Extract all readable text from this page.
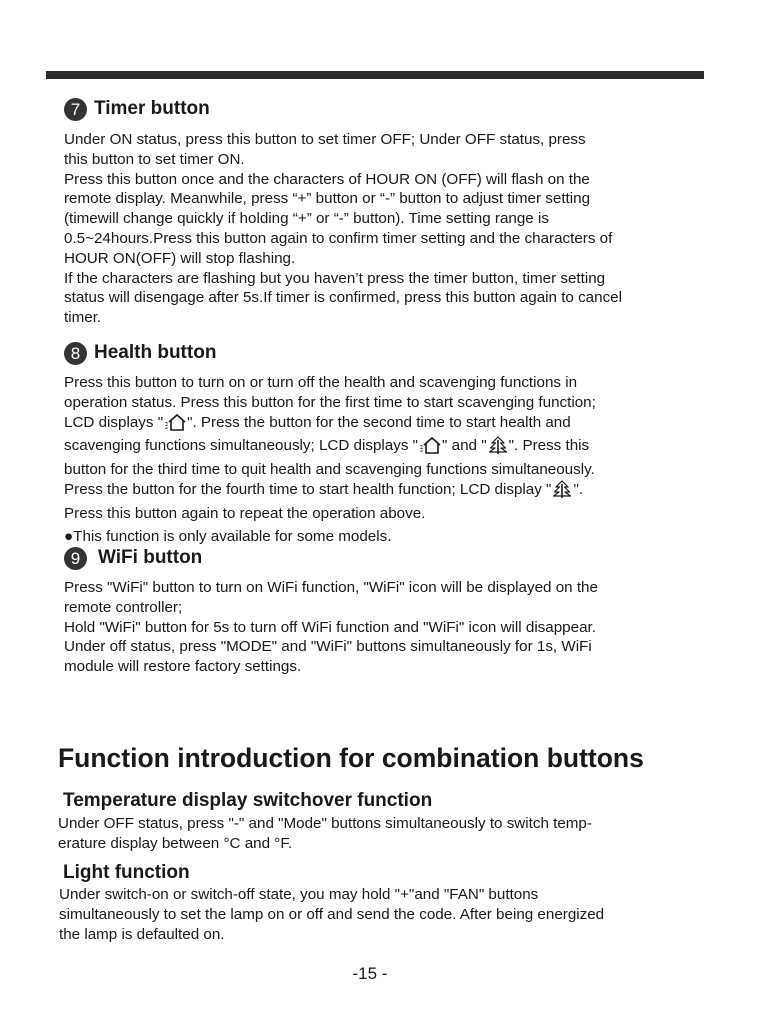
7 Timer button

Under ON status, press this button to set timer OFF; Under OFF status, press

this button to set timer ON.

Press this button once and the characters of HOUR ON (OFF) will flash on the

remote display. Meanwhile, press “+” button or “-” button to adjust timer setting

(timewill change quickly if holding “+” or “-” button). Time setting range is

0.5~24hours.Press this button again to confirm timer setting and the characters of

HOUR ON(OFF) will stop flashing.

If the characters are flashing but you haven’t press the timer button, timer setting

status will disengage after 5s.If timer is confirmed, press this button again to cancel

timer.

8 Health button

Press this button to turn on or turn off the health and scavenging functions in

operation status. Press this button for the first time to start scavenging function;

LCD displays " ". Press the button for the second time to start health and

scavenging functions simultaneously; LCD displays " " and " ". Press this

button for the third time to quit health and scavenging functions simultaneously.

Press the button for the fourth time to start health function; LCD display " ".

Press this button again to repeat the operation above.

●This function is only available for some models.

9 WiFi button

Press "WiFi" button to turn on WiFi function, "WiFi" icon will be displayed on the

remote controller;

Hold "WiFi" button for 5s to turn off WiFi function and "WiFi" icon will disappear.

Under off status, press "MODE" and "WiFi" buttons simultaneously for 1s, WiFi

module will restore factory settings.

Function introduction for combination buttons
Temperature display switchover function

Under OFF status, press "-" and "Mode" buttons simultaneously to switch temp-

erature display between °C and °F.

Light function

Under switch-on or switch-off state, you may hold "+"and "FAN" buttons

simultaneously to set the lamp on or off and send the code. After being energized

the lamp is defaulted on.

-15 -
